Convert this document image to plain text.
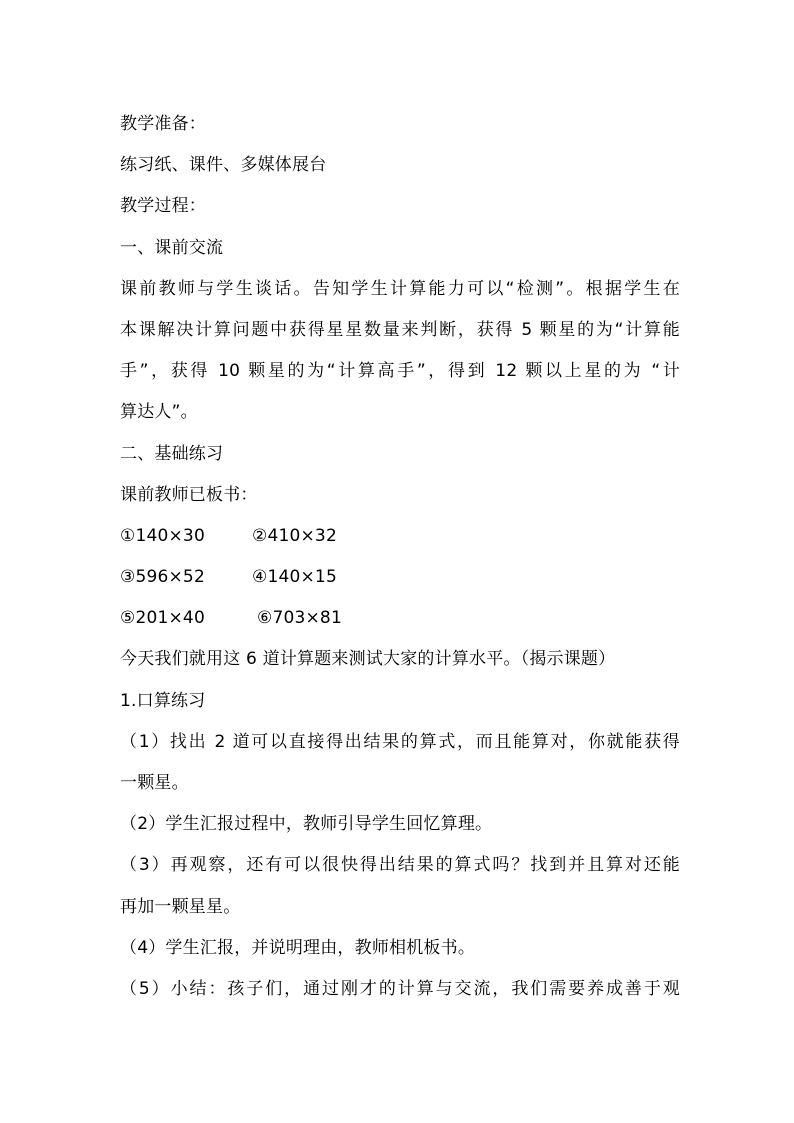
教学准备：
练习纸、课件、多媒体展台
教学过程：
一、课前交流
课前教师与学生谈话。告知学生计算能力可以“检测”。根据学生在
本课解决计算问题中获得星星数量来判断，获得 5 颗星的为“计算能
手”，获得 10 颗星的为“计算高手”，得到 12 颗以上星的为 “计
算达人”。
二、基础练习
课前教师已板书：
①140×30	②410×32
③596×52	④140×15
⑤201×40	⑥703×81
今天我们就用这 6 道计算题来测试大家的计算水平。（揭示课题）
1.口算练习
（1）找出 2 道可以直接得出结果的算式，而且能算对，你就能获得
一颗星。
（2）学生汇报过程中，教师引导学生回忆算理。
（3）再观察，还有可以很快得出结果的算式吗？找到并且算对还能
再加一颗星星。
（4）学生汇报，并说明理由，教师相机板书。
（5）小结：孩子们，通过刚才的计算与交流，我们需要养成善于观
